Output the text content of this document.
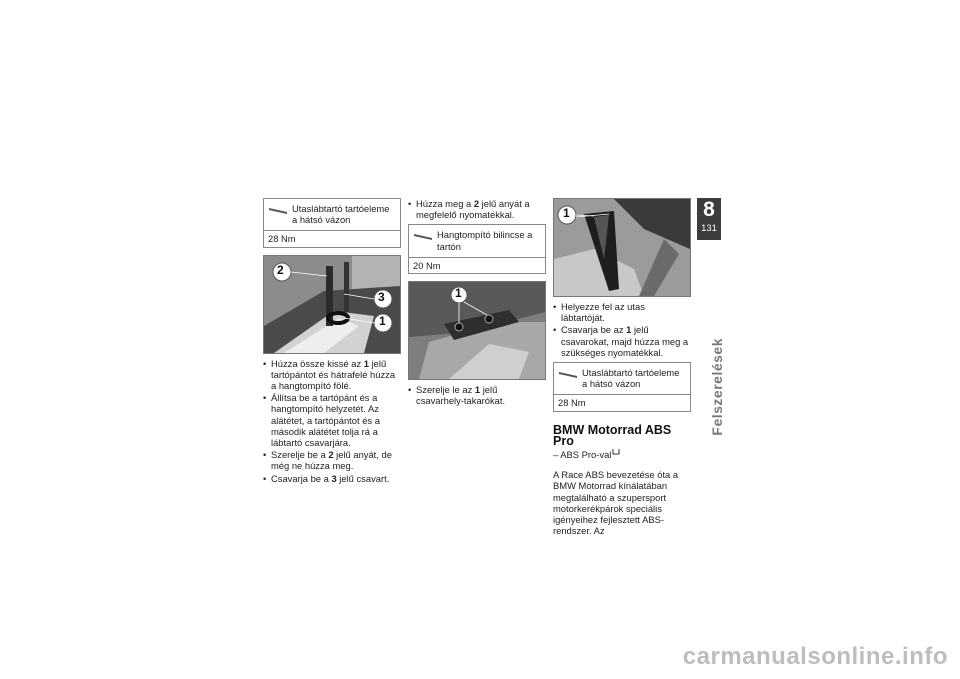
Utaslábtartó tartóeleme a hátsó vázon
28 Nm
2
3
1
• Húzza össze kissé az 1 jelű tartópántot és hátrafelé húzza a hangtompító fölé.
• Állítsa be a tartópánt és a hangtompító helyzetét. Az alátétet, a tartópántot és a második alátétet tolja rá a lábtartó csavarjára.
• Szerelje be a 2 jelű anyát, de még ne húzza meg.
• Csavarja be a 3 jelű csavart.
• Húzza meg a 2 jelű anyát a megfelelő nyomatékkal.
Hangtompító bilincse a tartón
20 Nm
1
• Szerelje le az 1 jelű csavarhely-takarókat.
1
• Helyezze fel az utas lábtartóját.
• Csavarja be az 1 jelű csavarokat, majd húzza meg a szükséges nyomatékkal.
Utaslábtartó tartóeleme a hátsó vázon
28 Nm
BMW Motorrad ABS Pro
– ABS Pro-val

A Race ABS bevezetése óta a BMW Motorrad kínálatában megtalálható a szupersport motorkerékpárok speciális igényeihez fejlesztett ABS-rendszer. Az

8
131
Felszerelések
carmanualsonline.info
